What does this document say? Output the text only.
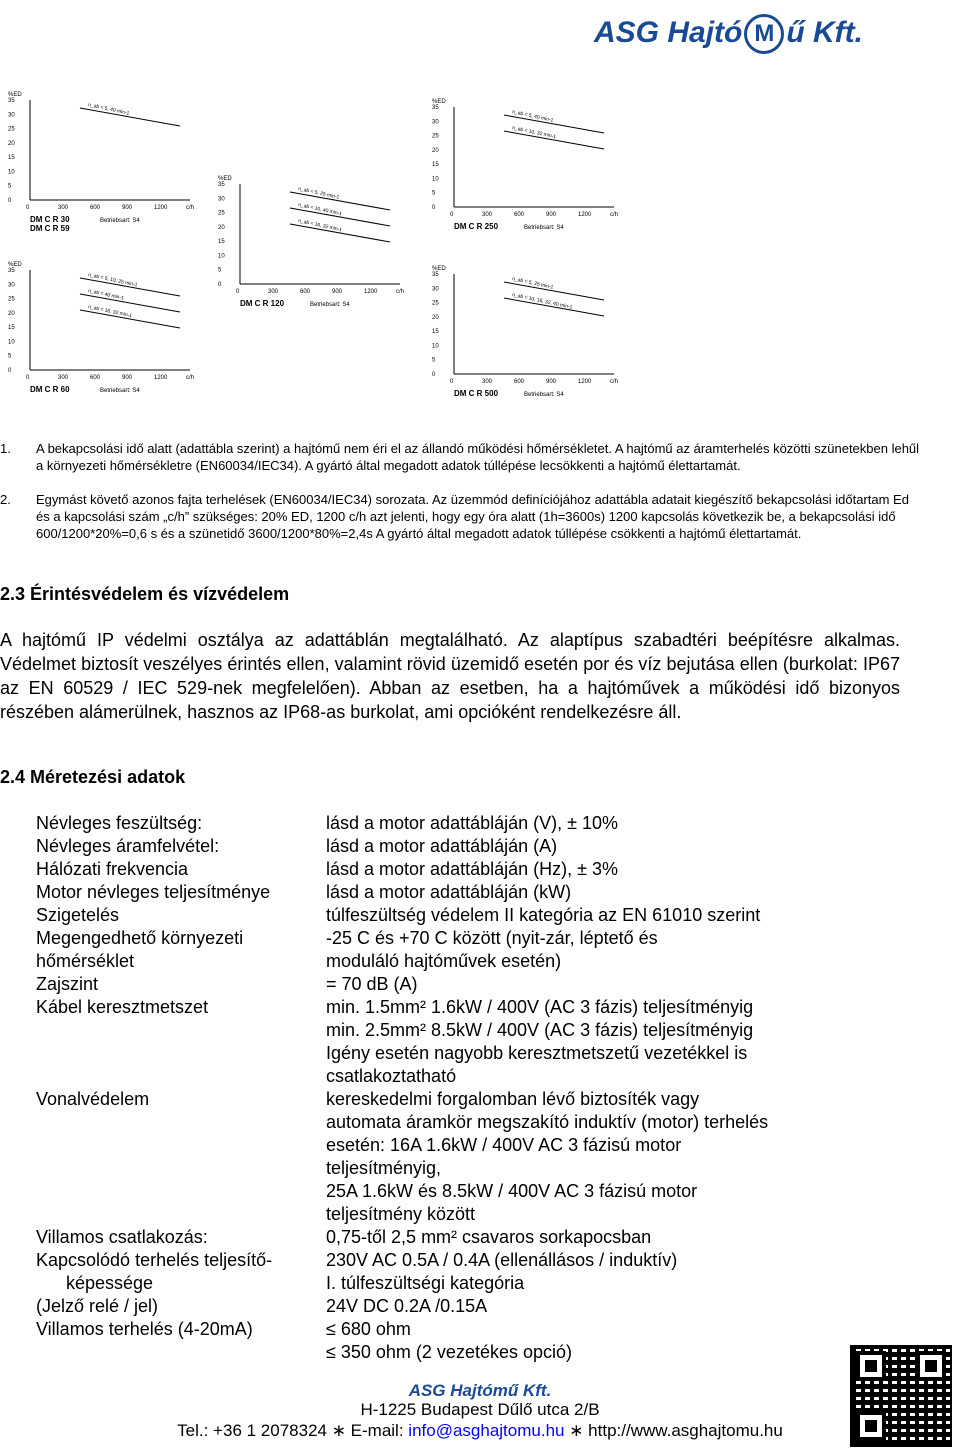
ASG Hajtó M ű Kft.
%ED
35
30
25
20
15
10
5
0
0	300	600	900	1200	c/h
DM C R 30
DM C R 59
Betriebsart: S4
n_ab = 5, 40 min-1
%ED
35
30
25
20
15
10
5
0
0	300	600	900	1200	c/h
DM C R 120	Betriebsart: S4
n_ab = 5, 25 min-1
n_ab = 10, 40 min-1
n_ab = 16, 32 min-1
%ED
35
30
25
20
15
10
5
0
0	300	600	900	1200	c/h
DM C R 250	Betriebsart: S4
n_ab = 5, 40 min-1
n_ab = 10, 32 min-1
%ED
35
30
25
20
15
10
5
0
0	300	600	900	1200	c/h
DM C R 60	Betriebsart: S4
n_ab = 5, 10, 25 min-1
n_ab = 40 min-1
n_ab = 16, 32 min-1
%ED
35
30
25
20
15
10
5
0
0	300	600	900	1200	c/h
DM C R 500	Betriebsart: S4
n_ab = 5, 25 min-1
n_ab = 10, 16, 32, 40 min-1
1. A bekapcsolási idő alatt (adattábla szerint) a hajtómű nem éri el az állandó működési hőmérsékletet. A hajtómű az áramterhelés közötti szünetekben lehűl a környezeti hőmérsékletre (EN60034/IEC34). A gyártó által megadott adatok túllépése lecsökkenti a hajtómű élettartamát.
2. Egymást követő azonos fajta terhelések (EN60034/IEC34) sorozata. Az üzemmód definíciójához adattábla adatait kiegészítő bekapcsolási időtartam Ed és a kapcsolási szám „c/h” szükséges: 20% ED, 1200 c/h azt jelenti, hogy egy óra alatt (1h=3600s) 1200 kapcsolás következik be, a bekapcsolási idő 600/1200*20%=0,6 s és a szünetidő 3600/1200*80%=2,4s A gyártó által megadott adatok túllépése csökkenti a hajtómű élettartamát.
2.3 Érintésvédelem és vízvédelem
A hajtómű IP védelmi osztálya az adattáblán megtalálható. Az alaptípus szabadtéri beépítésre alkalmas. Védelmet biztosít veszélyes érintés ellen, valamint rövid üzemidő esetén por és víz bejutása ellen (burkolat: IP67 az EN 60529 / IEC 529-nek megfelelően). Abban az esetben, ha a hajtóművek a működési idő bizonyos részében alámerülnek, hasznos az IP68-as burkolat, ami opcióként rendelkezésre áll.
2.4 Méretezési adatok
Névleges feszültség:	lásd a motor adattábláján (V), ± 10%
Névleges áramfelvétel:	lásd a motor adattábláján (A)
Hálózati frekvencia	lásd a motor adattábláján (Hz), ± 3%
Motor névleges teljesítménye	lásd a motor adattábláján (kW)
Szigetelés	túlfeszültség védelem II kategória az EN 61010 szerint
Megengedhető környezeti	-25 C és +70 C között (nyit-zár, léptető és
hőmérséklet	moduláló hajtóművek esetén)
Zajszint	= 70 dB (A)
Kábel keresztmetszet	min. 1.5mm² 1.6kW / 400V (AC 3 fázis) teljesítményig
min. 2.5mm² 8.5kW / 400V (AC 3 fázis) teljesítményig
Igény esetén nagyobb keresztmetszetű vezetékkel is
csatlakoztatható
Vonalvédelem	kereskedelmi forgalomban lévő biztosíték vagy
automata áramkör megszakító induktív (motor) terhelés
esetén: 16A 1.6kW / 400V AC 3 fázisú motor
teljesítményig,
25A 1.6kW és 8.5kW / 400V AC 3 fázisú motor
teljesítmény között
Villamos csatlakozás:	0,75-től 2,5 mm² csavaros sorkapocsban
Kapcsolódó terhelés teljesítő-	230V AC 0.5A / 0.4A (ellenállásos / induktív)
képessége	I. túlfeszültségi kategória
(Jelző relé / jel)	24V DC 0.2A /0.15A
Villamos terhelés (4-20mA)	≤ 680 ohm
≤ 350 ohm (2 vezetékes opció)
ASG Hajtómű Kft.
H-1225 Budapest Dűlő utca 2/B
Tel.: +36 1 2078324 ∗ E-mail: info@asghajtomu.hu ∗ http://www.asghajtomu.hu
